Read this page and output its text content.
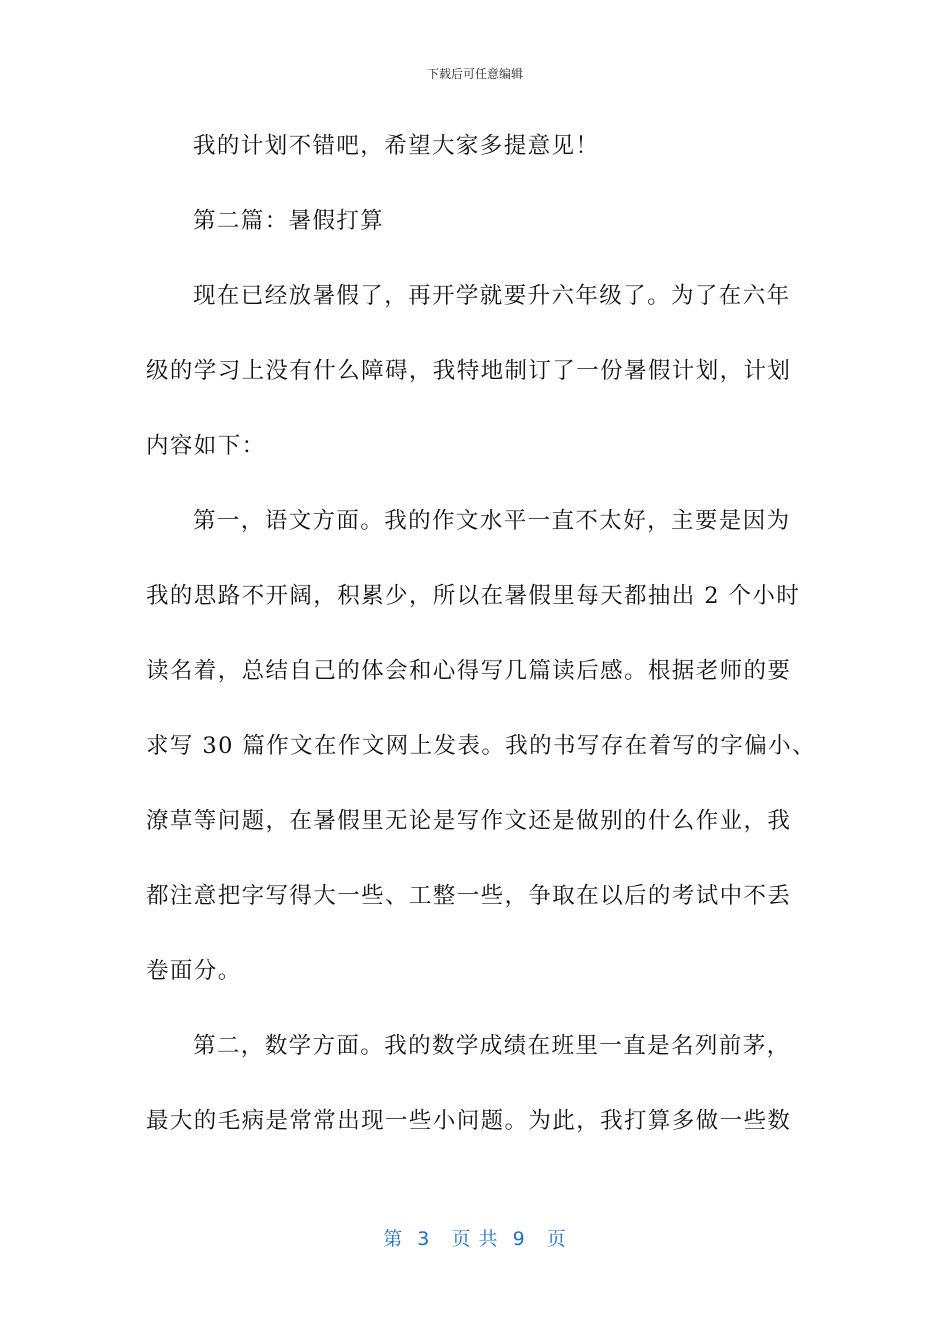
下载后可任意编辑

我的计划不错吧，希望大家多提意见！

第二篇：暑假打算

现在已经放暑假了，再开学就要升六年级了。为了在六年
级的学习上没有什么障碍，我特地制订了一份暑假计划，计划
内容如下：

第一，语文方面。我的作文水平一直不太好，主要是因为
我的思路不开阔，积累少，所以在暑假里每天都抽出 2 个小时
读名着，总结自己的体会和心得写几篇读后感。根据老师的要
求写 30 篇作文在作文网上发表。我的书写存在着写的字偏小、
潦草等问题，在暑假里无论是写作文还是做别的什么作业，我
都注意把字写得大一些、工整一些，争取在以后的考试中不丢
卷面分。

第二，数学方面。我的数学成绩在班里一直是名列前茅，
最大的毛病是常常出现一些小问题。为此，我打算多做一些数

第  3   页 共  9   页
